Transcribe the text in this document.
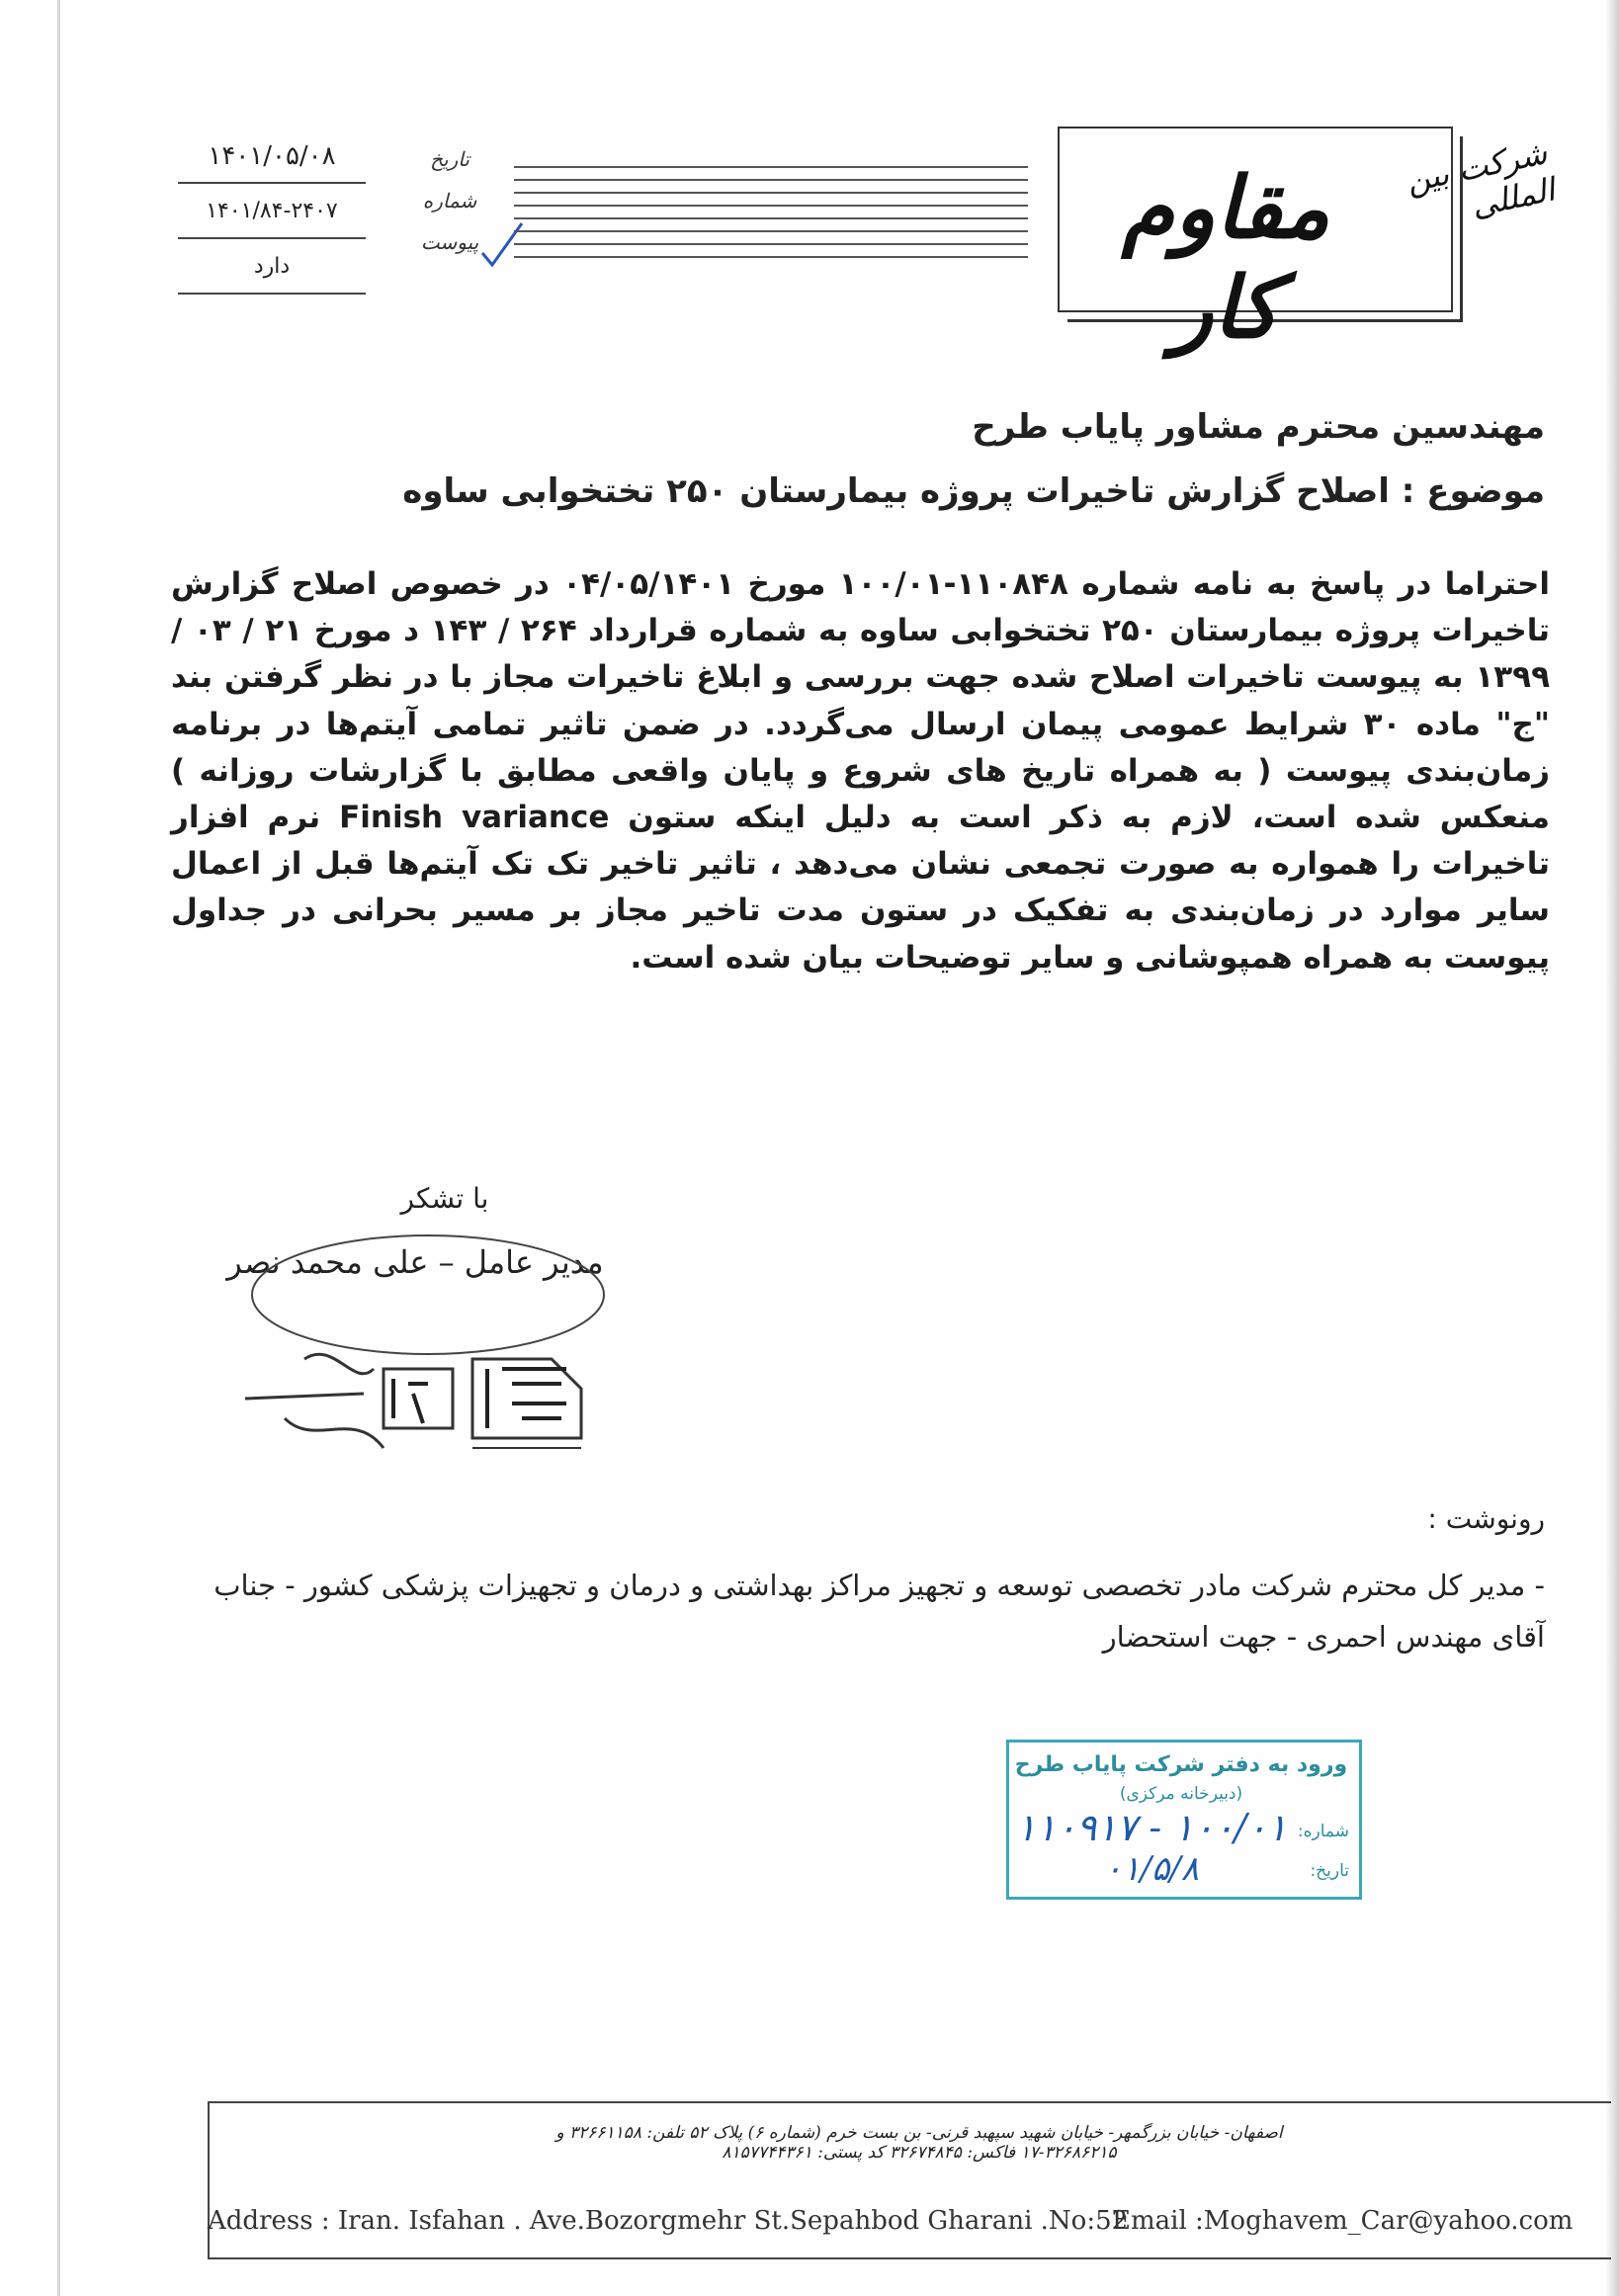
۱۴۰۱/۰۵/۰۸
۱۴۰۱/۸۴-۲۴۰۷
دارد
تاریخ
شماره
پیوست	مقاوم کار
شرکت بین المللی
مهندسین محترم مشاور پایاب طرح
موضوع : اصلاح گزارش تاخیرات پروژه بیمارستان ۲۵۰ تختخوابی ساوه
احتراما در پاسخ به نامه شماره ۱۱۰۸۴۸-۱۰۰/۰۱ مورخ ۰۴/۰۵/۱۴۰۱ در خصوص اصلاح گزارش تاخیرات پروژه بیمارستان ۲۵۰ تختخوابی ساوه به شماره قرارداد ۲۶۴ / ۱۴۳ د مورخ ۲۱ / ۰۳ / ۱۳۹۹ به پیوست تاخیرات اصلاح شده جهت بررسی و ابلاغ تاخیرات مجاز با در نظر گرفتن بند "ج" ماده ۳۰ شرایط عمومی پیمان ارسال می‌گردد. در ضمن تاثیر تمامی آیتم‌ها در برنامه زمان‌بندی پیوست ( به همراه تاریخ های شروع و پایان واقعی مطابق با گزارشات روزانه ) منعکس شده است، لازم به ذکر است به دلیل اینکه ستون Finish variance نرم افزار تاخیرات را همواره به صورت تجمعی نشان می‌دهد ، تاثیر تاخیر تک تک آیتم‌ها قبل از اعمال سایر موارد در زمان‌بندی به تفکیک در ستون مدت تاخیر مجاز بر مسیر بحرانی در جداول پیوست به همراه همپوشانی و سایر توضیحات بیان شده است.
با تشکر
مدیر عامل – علی محمد نصر
رونوشت :
- مدیر کل محترم شرکت مادر تخصصی توسعه و تجهیز مراکز بهداشتی و درمان و تجهیزات پزشکی کشور - جناب آقای مهندس احمری - جهت استحضار
ورود به دفتر شرکت پایاب طرح
(دبیرخانه مرکزی)
شماره:
تاریخ:
۱۰۰/۰۱ - ۱۱۰۹۱۷
۰۱/۵/۸
اصفهان- خیابان بزرگمهر- خیابان شهید سپهبد قرنی- بن بست خرم (شماره ۶) پلاک ۵۲ تلفن: ۳۲۶۶۱۱۵۸ و ۳۲۶۸۶۲۱۵-۱۷ فاکس: ۳۲۶۷۴۸۴۵ کد پستی: ۸۱۵۷۷۴۴۳۶۱
Address : Iran. Isfahan . Ave.Bozorgmehr St.Sepahbod Gharani .No:52
Email :Moghavem_Car@yahoo.com
